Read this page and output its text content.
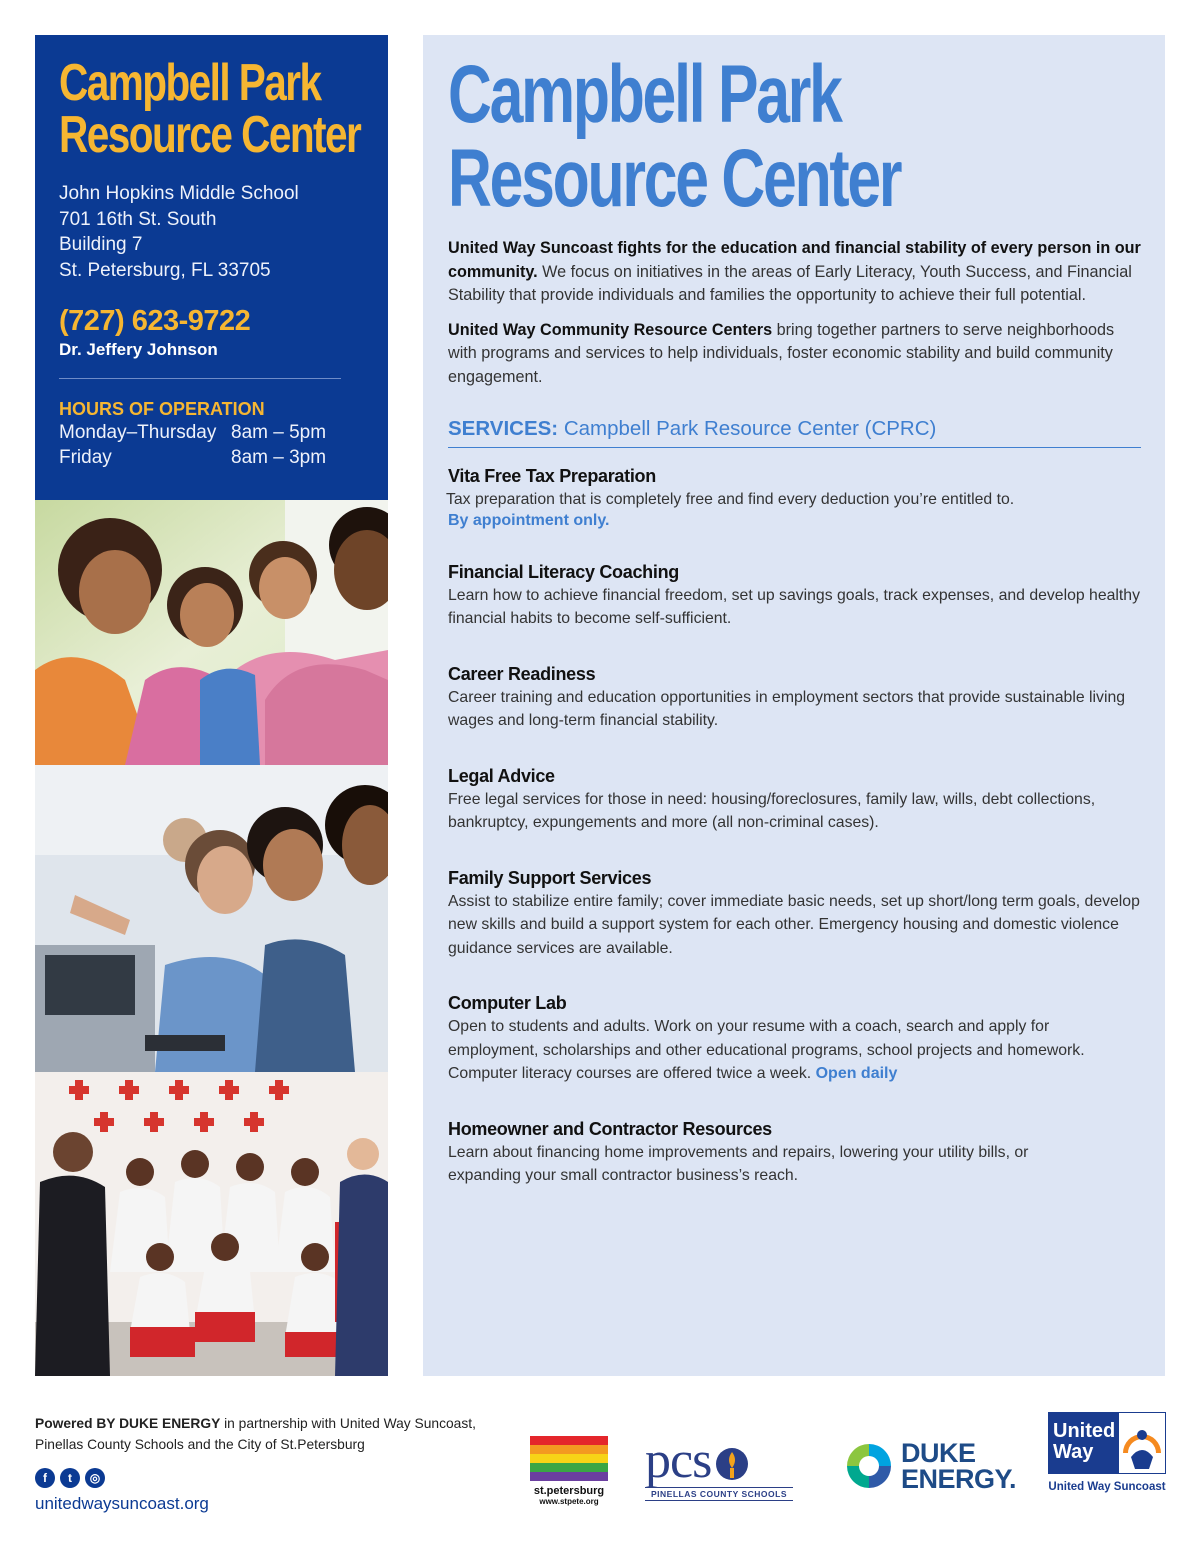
Campbell Park
Resource Center
John Hopkins Middle School
701 16th St. South
Building 7
St. Petersburg, FL 33705
(727) 623-9722
Dr. Jeffery Johnson
HOURS OF OPERATION
Monday–Thursday 8am – 5pm
Friday	8am – 3pm
Campbell Park
Resource Center

United Way Suncoast fights for the education and financial stability of every person in our community. We focus on initiatives in the areas of Early Literacy, Youth Success, and Financial Stability that provide individuals and families the opportunity to achieve their full potential.

United Way Community Resource Centers bring together partners to serve neighborhoods with programs and services to help individuals, foster economic stability and build community engagement.

SERVICES: Campbell Park Resource Center (CPRC)
Vita Free Tax Preparation
Tax preparation that is completely free and find every deduction you’re entitled to.
By appointment only.
Financial Literacy Coaching
Learn how to achieve financial freedom, set up savings goals, track expenses, and develop healthy financial habits to become self-sufficient.
Career Readiness
Career training and education opportunities in employment sectors that provide sustainable living wages and long-term financial stability.
Legal Advice
Free legal services for those in need: housing/foreclosures, family law, wills, debt collections, bankruptcy, expungements and more (all non-criminal cases).
Family Support Services
Assist to stabilize entire family; cover immediate basic needs, set up short/long term goals, develop new skills and build a support system for each other. Emergency housing and domestic violence guidance services are available.
Computer Lab
Open to students and adults. Work on your resume with a coach, search and apply for employment, scholarships and other educational programs, school projects and homework. Computer literacy courses are offered twice a week. Open daily
Homeowner and Contractor Resources
Learn about financing home improvements and repairs, lowering your utility bills, or expanding your small contractor business’s reach.
Powered BY DUKE ENERGY in partnership with United Way Suncoast,
Pinellas County Schools and the City of St.Petersburg
f	t	◎
unitedwaysuncoast.org
st.petersburg
www.stpete.org
pcs
PINELLAS COUNTY SCHOOLS
DUKE
ENERGY.
United
Way
United Way Suncoast
